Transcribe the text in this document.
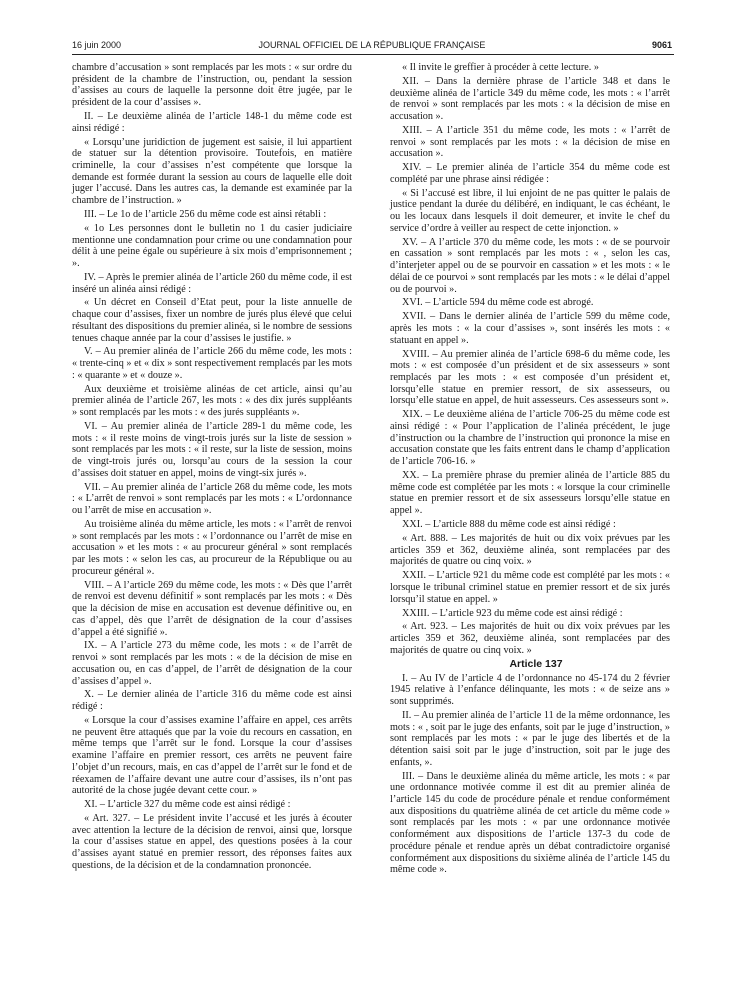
16 juin 2000	JOURNAL OFFICIEL DE LA RÉPUBLIQUE FRANÇAISE	9061

chambre d’accusation » sont remplacés par les mots : « sur ordre du président de la chambre de l’instruction, ou, pendant la session d’assises au cours de laquelle la personne doit être jugée, par le président de la cour d’assises ».

II. – Le deuxième alinéa de l’article 148-1 du même code est ainsi rédigé :

« Lorsqu’une juridiction de jugement est saisie, il lui appartient de statuer sur la détention provisoire. Toutefois, en matière criminelle, la cour d’assises n’est compétente que lorsque la demande est formée durant la session au cours de laquelle elle doit juger l’accusé. Dans les autres cas, la demande est examinée par la chambre de l’instruction. »

III. – Le 1o de l’article 256 du même code est ainsi rétabli :

« 1o Les personnes dont le bulletin no 1 du casier judiciaire mentionne une condamnation pour crime ou une condamnation pour délit à une peine égale ou supérieure à six mois d’emprisonnement ; ».

IV. – Après le premier alinéa de l’article 260 du même code, il est inséré un alinéa ainsi rédigé :

« Un décret en Conseil d’Etat peut, pour la liste annuelle de chaque cour d’assises, fixer un nombre de jurés plus élevé que celui résultant des dispositions du premier alinéa, si le nombre de sessions tenues chaque année par la cour d’assises le justifie. »

V. – Au premier alinéa de l’article 266 du même code, les mots : « trente-cinq » et « dix » sont respectivement remplacés par les mots : « quarante » et « douze ».

Aux deuxième et troisième alinéas de cet article, ainsi qu’au premier alinéa de l’article 267, les mots : « des dix jurés suppléants » sont remplacés par les mots : « des jurés suppléants ».

VI. – Au premier alinéa de l’article 289-1 du même code, les mots : « il reste moins de vingt-trois jurés sur la liste de session » sont remplacés par les mots : « il reste, sur la liste de session, moins de vingt-trois jurés ou, lorsqu’au cours de la session la cour d’assises doit statuer en appel, moins de vingt-six jurés ».

VII. – Au premier alinéa de l’article 268 du même code, les mots : « L’arrêt de renvoi » sont remplacés par les mots : « L’ordonnance ou l’arrêt de mise en accusation ».

Au troisième alinéa du même article, les mots : « l’arrêt de renvoi » sont remplacés par les mots : « l’ordonnance ou l’arrêt de mise en accusation » et les mots : « au procureur général » sont remplacés par les mots : « selon les cas, au procureur de la République ou au procureur général ».

VIII. – A l’article 269 du même code, les mots : « Dès que l’arrêt de renvoi est devenu définitif » sont remplacés par les mots : « Dès que la décision de mise en accusation est devenue définitive ou, en cas d’appel, dès que l’arrêt de désignation de la cour d’assises d’appel a été signifié ».

IX. – A l’article 273 du même code, les mots : « de l’arrêt de renvoi » sont remplacés par les mots : « de la décision de mise en accusation ou, en cas d’appel, de l’arrêt de désignation de la cour d’assises d’appel ».

X. – Le dernier alinéa de l’article 316 du même code est ainsi rédigé :

« Lorsque la cour d’assises examine l’affaire en appel, ces arrêts ne peuvent être attaqués que par la voie du recours en cassation, en même temps que l’arrêt sur le fond. Lorsque la cour d’assises examine l’affaire en premier ressort, ces arrêts ne peuvent faire l’objet d’un recours, mais, en cas d’appel de l’arrêt sur le fond et de réexamen de l’affaire devant une autre cour d’assises, ils n’ont pas autorité de la chose jugée devant cette cour. »

XI. – L’article 327 du même code est ainsi rédigé :

« Art. 327. – Le président invite l’accusé et les jurés à écouter avec attention la lecture de la décision de renvoi, ainsi que, lorsque la cour d’assises statue en appel, des questions posées à la cour d’assises ayant statué en premier ressort, des réponses faites aux questions, de la décision et de la condamnation prononcée.

« Il invite le greffier à procéder à cette lecture. »

XII. – Dans la dernière phrase de l’article 348 et dans le deuxième alinéa de l’article 349 du même code, les mots : « l’arrêt de renvoi » sont remplacés par les mots : « la décision de mise en accusation ».

XIII. – A l’article 351 du même code, les mots : « l’arrêt de renvoi » sont remplacés par les mots : « la décision de mise en accusation ».

XIV. – Le premier alinéa de l’article 354 du même code est complété par une phrase ainsi rédigée :

« Si l’accusé est libre, il lui enjoint de ne pas quitter le palais de justice pendant la durée du délibéré, en indiquant, le cas échéant, le ou les locaux dans lesquels il doit demeurer, et invite le chef du service d’ordre à veiller au respect de cette injonction. »

XV. – A l’article 370 du même code, les mots : « de se pourvoir en cassation » sont remplacés par les mots : « , selon les cas, d’interjeter appel ou de se pourvoir en cassation » et les mots : « le délai de ce pourvoi » sont remplacés par les mots : « le délai d’appel ou de pourvoi ».

XVI. – L’article 594 du même code est abrogé.

XVII. – Dans le dernier alinéa de l’article 599 du même code, après les mots : « la cour d’assises », sont insérés les mots : « statuant en appel ».

XVIII. – Au premier alinéa de l’article 698-6 du même code, les mots : « est composée d’un président et de six assesseurs » sont remplacés par les mots : « est composée d’un président et, lorsqu’elle statue en premier ressort, de six assesseurs, ou lorsqu’elle statue en appel, de huit assesseurs. Ces assesseurs sont ».

XIX. – Le deuxième aliéna de l’article 706-25 du même code est ainsi rédigé : « Pour l’application de l’alinéa précédent, le juge d’instruction ou la chambre de l’instruction qui prononce la mise en accusation constate que les faits entrent dans le champ d’application de l’article 706-16. »

XX. – La première phrase du premier alinéa de l’article 885 du même code est complétée par les mots : « lorsque la cour criminelle statue en premier ressort et de six assesseurs lorsqu’elle statue en appel ».

XXI. – L’article 888 du même code est ainsi rédigé :

« Art. 888. – Les majorités de huit ou dix voix prévues par les articles 359 et 362, deuxième alinéa, sont remplacées par des majorités de quatre ou cinq voix. »

XXII. – L’article 921 du même code est complété par les mots : « lorsque le tribunal criminel statue en premier ressort et de six jurés lorsqu’il statue en appel. »

XXIII. – L’article 923 du même code est ainsi rédigé :

« Art. 923. – Les majorités de huit ou dix voix prévues par les articles 359 et 362, deuxième alinéa, sont remplacées par des majorités de quatre ou cinq voix. »

Article 137

I. – Au IV de l’article 4 de l’ordonnance no 45-174 du 2 février 1945 relative à l’enfance délinquante, les mots : « de seize ans » sont supprimés.

II. – Au premier alinéa de l’article 11 de la même ordonnance, les mots : « , soit par le juge des enfants, soit par le juge d’instruction, » sont remplacés par les mots : « par le juge des libertés et de la détention saisi soit par le juge d’instruction, soit par le juge des enfants, ».

III. – Dans le deuxième alinéa du même article, les mots : « par une ordonnance motivée comme il est dit au premier alinéa de l’article 145 du code de procédure pénale et rendue conformément aux dispositions du quatrième alinéa de cet article du même code » sont remplacés par les mots : « par une ordonnance motivée conformément aux dispositions de l’article 137-3 du code de procédure pénale et rendue après un débat contradictoire organisé conformément aux dispositions du sixième alinéa de l’article 145 du même code ».
